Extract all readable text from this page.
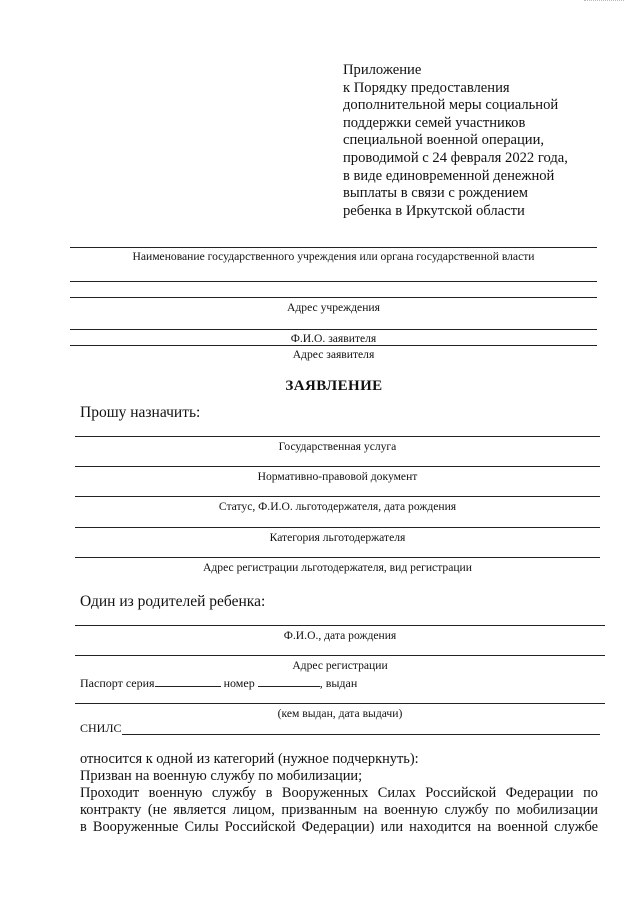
Приложение
к Порядку предоставления
дополнительной меры социальной
поддержки семей участников
специальной военной операции,
проводимой с 24 февраля 2022 года,
в виде единовременной денежной
выплаты в связи с рождением
ребенка в Иркутской области
Наименование государственного учреждения или органа государственной власти
Адрес учреждения
Ф.И.О. заявителя
Адрес заявителя
ЗАЯВЛЕНИЕ
Прошу назначить:
Государственная услуга
Нормативно-правовой документ
Статус, Ф.И.О. льготодержателя, дата рождения
Категория льготодержателя
Адрес регистрации льготодержателя, вид регистрации
Один из родителей ребенка:
Ф.И.О., дата рождения
Адрес регистрации
Паспорт серия	номер	, выдан
(кем выдан, дата выдачи)
СНИЛС
относится к одной из категорий (нужное подчеркнуть):
Призван на военную службу по мобилизации;
Проходит военную службу в Вооруженных Силах Российской Федерации по
контракту (не является лицом, призванным на военную службу по мобилизации
в Вооруженные Силы Российской Федерации) или находится на военной службе
